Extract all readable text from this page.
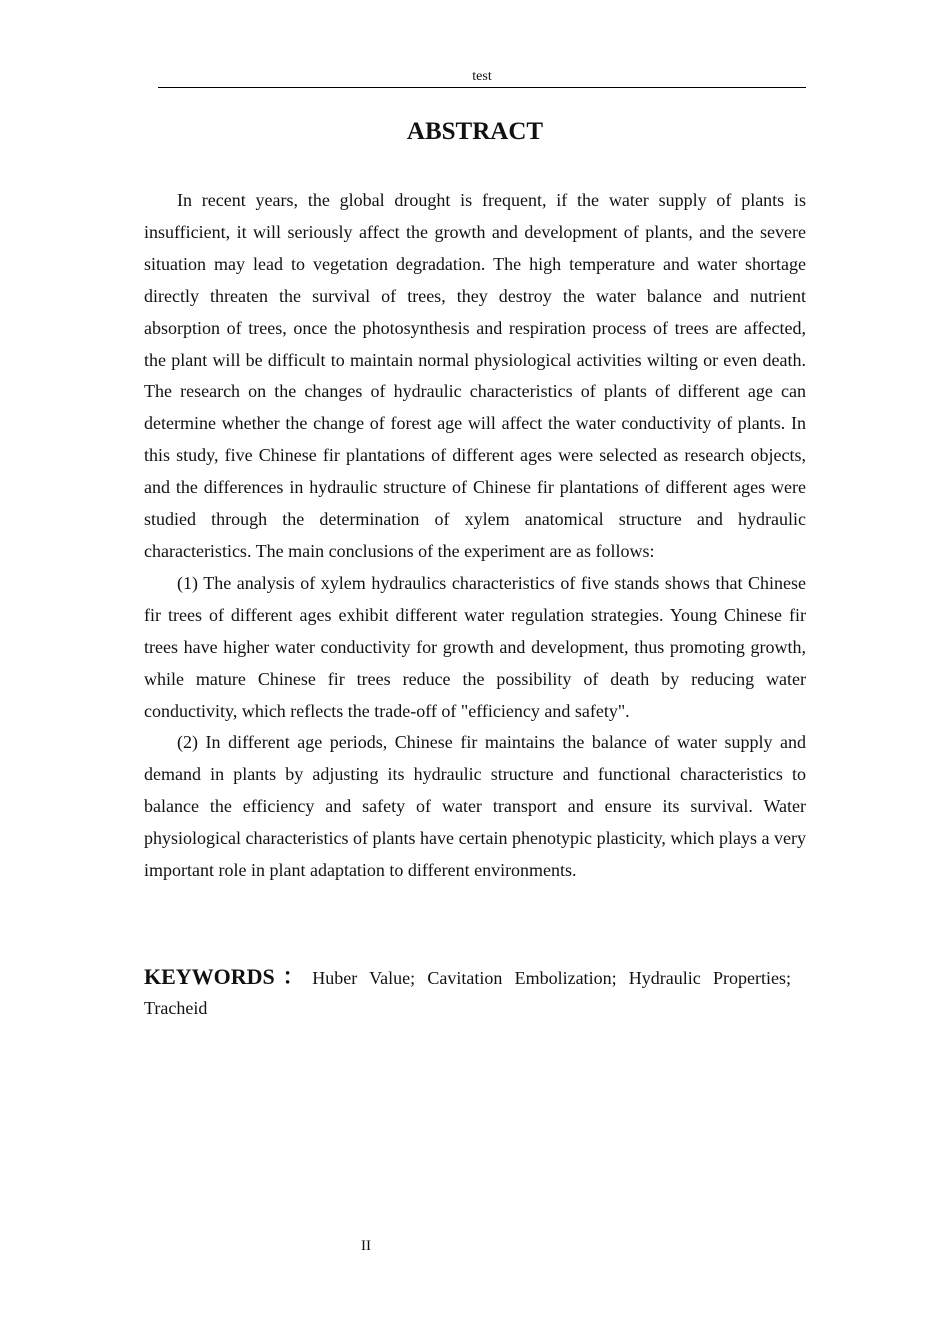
test
ABSTRACT

In recent years, the global drought is frequent, if the water supply of plants is insufficient, it will seriously affect the growth and development of plants, and the severe situation may lead to vegetation degradation. The high temperature and water shortage directly threaten the survival of trees, they destroy the water balance and nutrient absorption of trees, once the photosynthesis and respiration process of trees are affected, the plant will be difficult to maintain normal physiological activities wilting or even death. The research on the changes of hydraulic characteristics of plants of different age can determine whether the change of forest age will affect the water conductivity of plants. In this study, five Chinese fir plantations of different ages were selected as research objects, and the differences in hydraulic structure of Chinese fir plantations of different ages were studied through the determination of xylem anatomical structure and hydraulic characteristics. The main conclusions of the experiment are as follows:

(1) The analysis of xylem hydraulics characteristics of five stands shows that Chinese fir trees of different ages exhibit different water regulation strategies. Young Chinese fir trees have higher water conductivity for growth and development, thus promoting growth, while mature Chinese fir trees reduce the possibility of death by reducing water conductivity, which reflects the trade-off of "efficiency and safety".

(2) In different age periods, Chinese fir maintains the balance of water supply and demand in plants by adjusting its hydraulic structure and functional characteristics to balance the efficiency and safety of water transport and ensure its survival. Water physiological characteristics of plants have certain phenotypic plasticity, which plays a very important role in plant adaptation to different environments.

KEYWORDS：Huber Value; Cavitation Embolization; Hydraulic Properties; Tracheid

II
